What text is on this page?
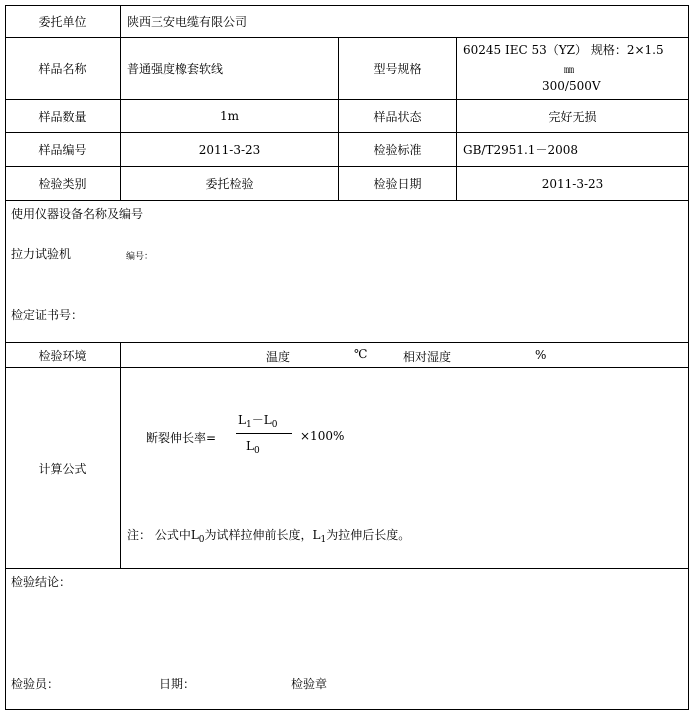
委托单位	陕西三安电缆有限公司
样品名称	普通强度橡套软线	型号规格
60245 IEC 53（YZ） 规格：2×1.5
㎜
300/500V
样品数量	1m	样品状态	完好无损
样品编号	2011-3-23	检验标准	GB/T2951.1－2008
检验类别	委托检验	检验日期	2011-3-23
使用仪器设备名称及编号
拉力试验机	编号：
检定证书号：
检验环境	温度	℃	相对湿度	%
计算公式
断裂伸长率=
$L_1-L_0$
$L_0$
×100%
注： 公式中$L_0$为试样拉伸前长度，$L_1$为拉伸后长度。
检验结论：
检验员：	日期：	检验章
